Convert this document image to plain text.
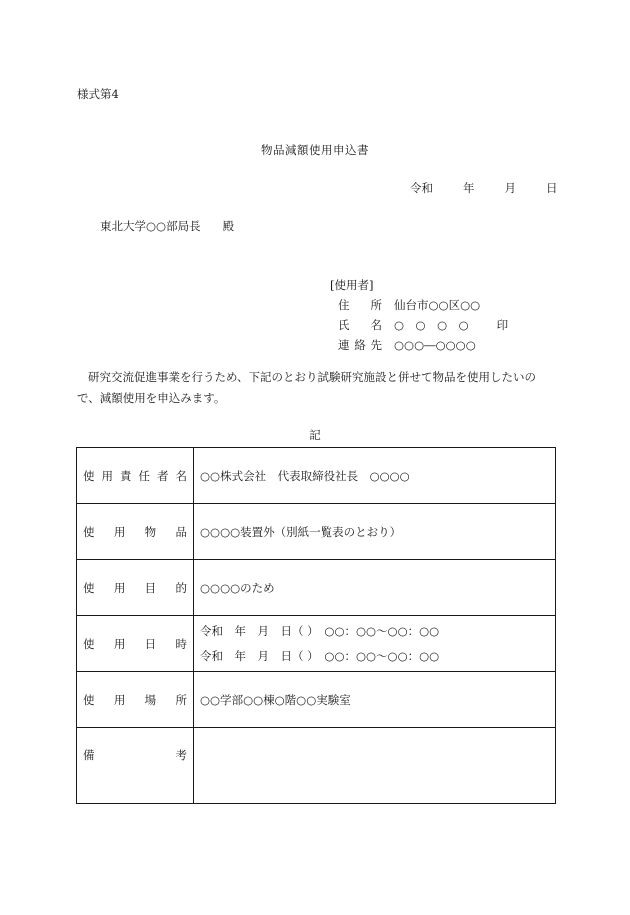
様式第4
物品減額使用申込書
令和	年	月	日
東北大学○○部局長 殿
[使用者]
住所 仙台市○○区○○
氏名 ○　○　○　○ 印
連絡先 ○○○―○○○○
研究交流促進事業を行うため、下記のとおり試験研究施設と併せて物品を使用したいので、減額使用を申込みます。
記
使用責任者名	○○株式会社　代表取締役社長　○○○○

使用物品	○○○○装置外（別紙一覧表のとおり）

使用目的	○○○○のため

使用日時	令和　年　月　日（ ）　○○：○○～○○：○○
令和　年　月　日（ ）　○○：○○～○○：○○

使用場所	○○学部○○棟○階○○実験室

備考	
